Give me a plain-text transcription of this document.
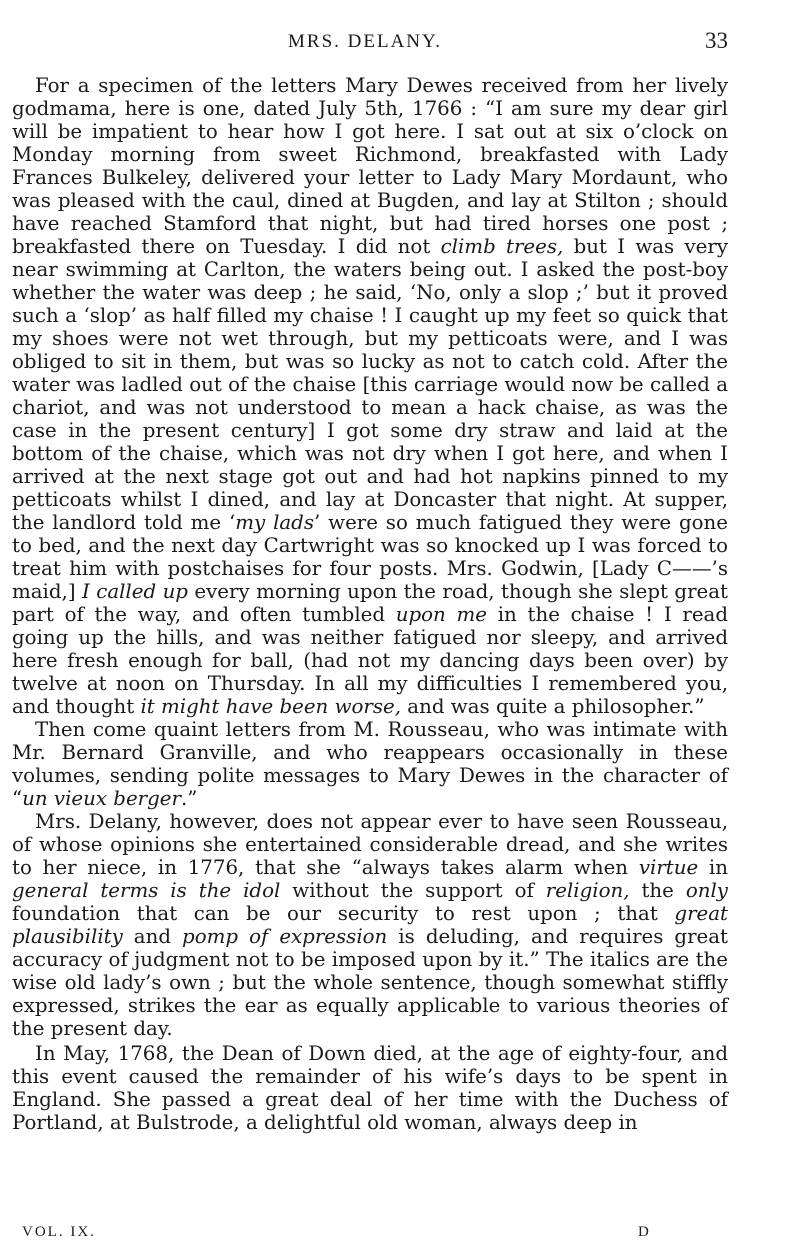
MRS. DELANY.	33

For a specimen of the letters Mary Dewes received from her lively godmama, here is one, dated July 5th, 1766 : “I am sure my dear girl will be impatient to hear how I got here. I sat out at six o’clock on Monday morning from sweet Richmond, breakfasted with Lady Frances Bulkeley, delivered your letter to Lady Mary Mordaunt, who was pleased with the caul, dined at Bugden, and lay at Stilton ; should have reached Stamford that night, but had tired horses one post ; breakfasted there on Tuesday. I did not climb trees, but I was very near swimming at Carlton, the waters being out. I asked the post-boy whether the water was deep ; he said, ‘No, only a slop ;’ but it proved such a ‘slop’ as half filled my chaise ! I caught up my feet so quick that my shoes were not wet through, but my petticoats were, and I was obliged to sit in them, but was so lucky as not to catch cold. After the water was ladled out of the chaise [this carriage would now be called a chariot, and was not understood to mean a hack chaise, as was the case in the present century] I got some dry straw and laid at the bottom of the chaise, which was not dry when I got here, and when I arrived at the next stage got out and had hot napkins pinned to my petticoats whilst I dined, and lay at Doncaster that night. At supper, the landlord told me ‘my lads’ were so much fatigued they were gone to bed, and the next day Cartwright was so knocked up I was forced to treat him with postchaises for four posts. Mrs. Godwin, [Lady C——’s maid,] I called up every morning upon the road, though she slept great part of the way, and often tumbled upon me in the chaise ! I read going up the hills, and was neither fatigued nor sleepy, and arrived here fresh enough for ball, (had not my dancing days been over) by twelve at noon on Thursday. In all my difficulties I remembered you, and thought it might have been worse, and was quite a philosopher.”

Then come quaint letters from M. Rousseau, who was intimate with Mr. Bernard Granville, and who reappears occasionally in these volumes, sending polite messages to Mary Dewes in the character of “un vieux berger.”

Mrs. Delany, however, does not appear ever to have seen Rousseau, of whose opinions she entertained considerable dread, and she writes to her niece, in 1776, that she “always takes alarm when virtue in general terms is the idol without the support of religion, the only foundation that can be our security to rest upon ; that great plausibility and pomp of expression is deluding, and requires great accuracy of judgment not to be imposed upon by it.” The italics are the wise old lady’s own ; but the whole sentence, though somewhat stiffly expressed, strikes the ear as equally applicable to various theories of the present day.

In May, 1768, the Dean of Down died, at the age of eighty-four, and this event caused the remainder of his wife’s days to be spent in England. She passed a great deal of her time with the Duchess of Portland, at Bulstrode, a delightful old woman, always deep in

VOL. IX.	D
